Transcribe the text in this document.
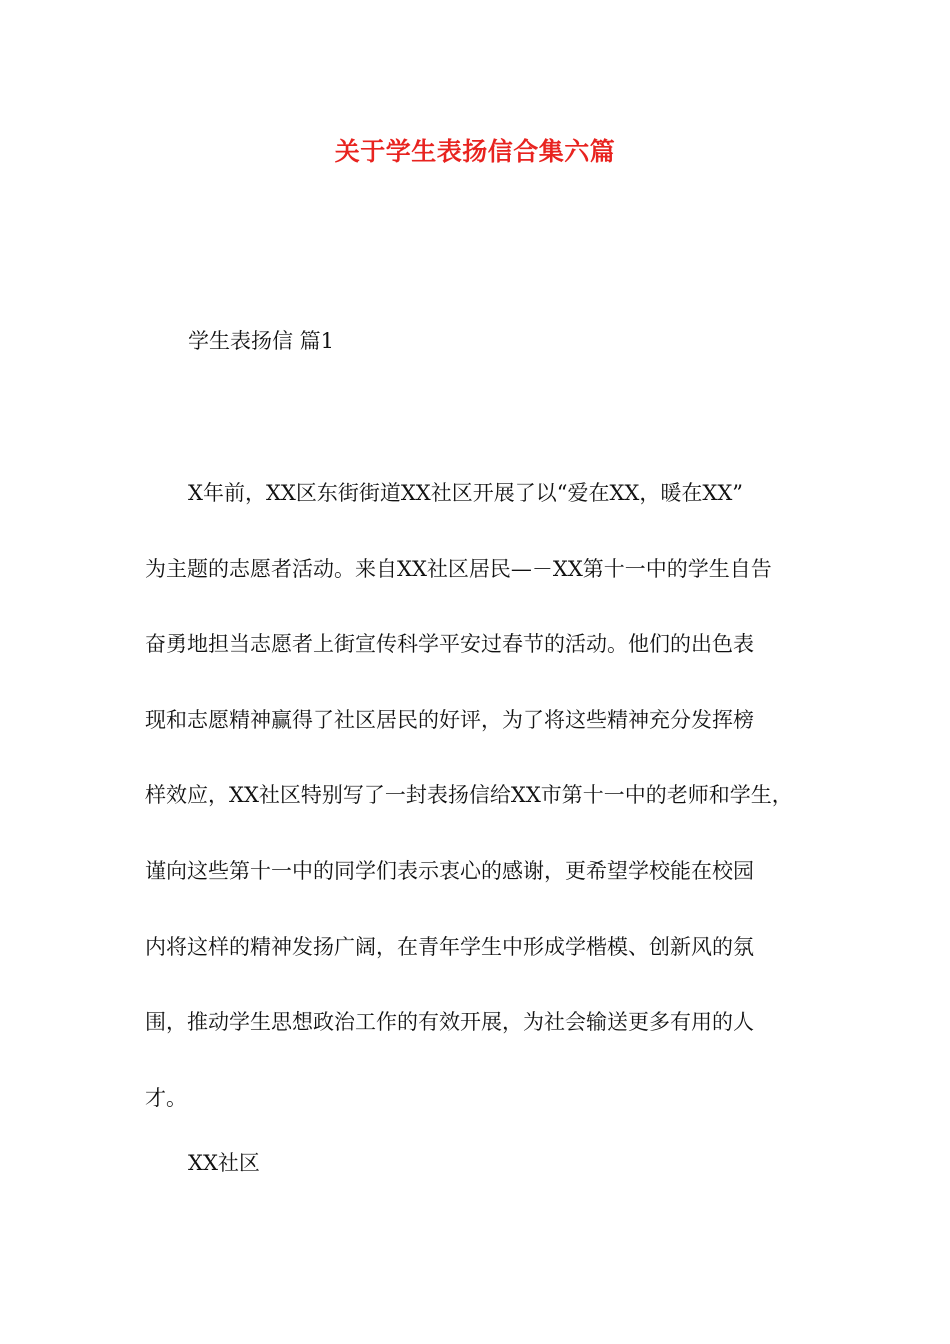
关于学生表扬信合集六篇
学生表扬信 篇1
X年前，XX区东街街道XX社区开展了以“爱在XX，暖在XX”
为主题的志愿者活动。来自XX社区居民—－XX第十一中的学生自告
奋勇地担当志愿者上街宣传科学平安过春节的活动。他们的出色表
现和志愿精神赢得了社区居民的好评，为了将这些精神充分发挥榜
样效应，XX社区特别写了一封表扬信给XX市第十一中的老师和学生，
谨向这些第十一中的同学们表示衷心的感谢，更希望学校能在校园
内将这样的精神发扬广阔，在青年学生中形成学楷模、创新风的氛
围，推动学生思想政治工作的有效开展，为社会输送更多有用的人
才。
XX社区
